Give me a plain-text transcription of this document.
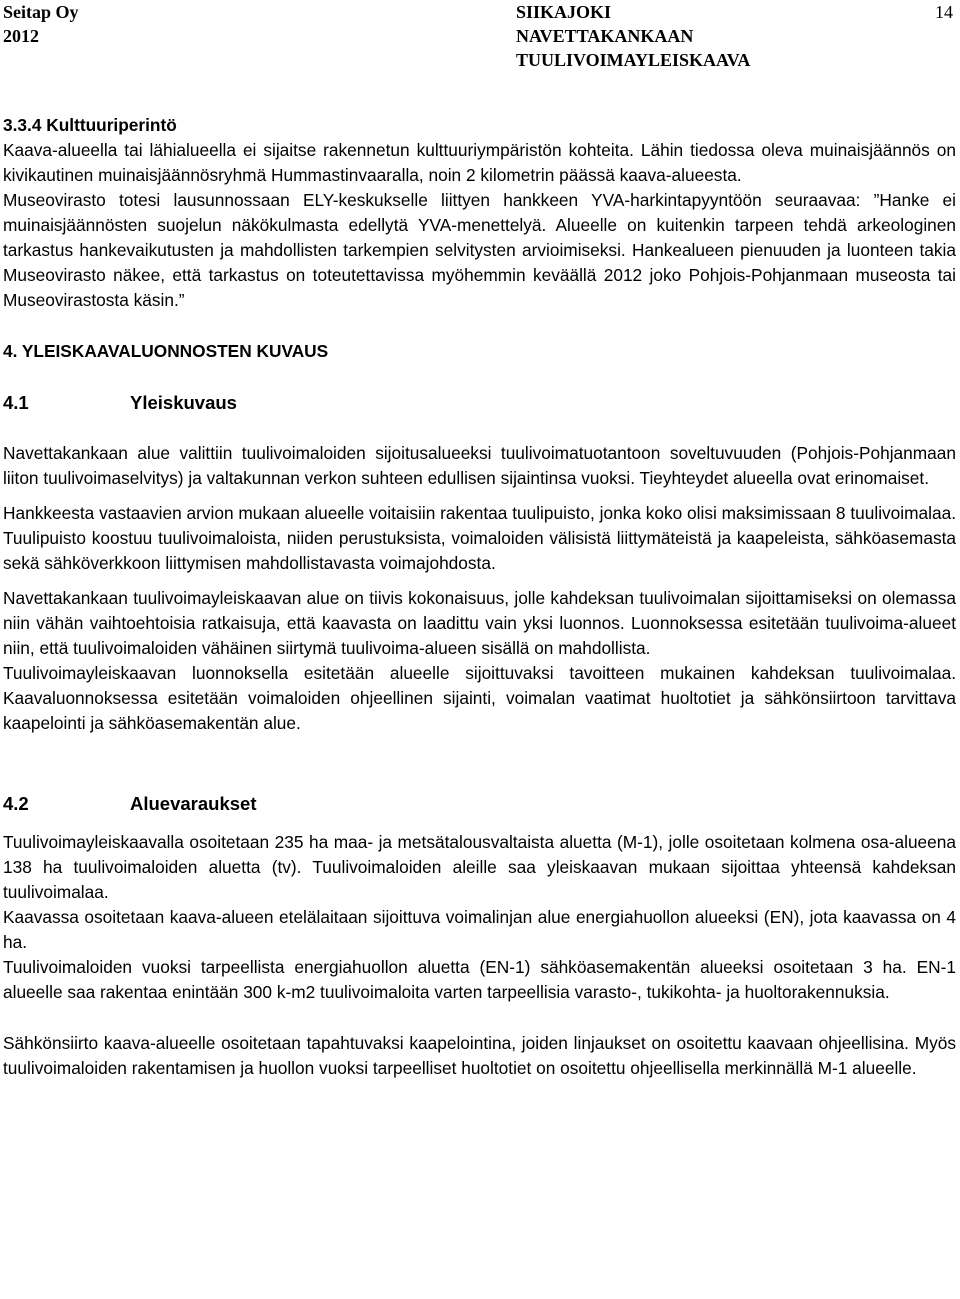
Seitap Oy
2012
SIIKAJOKI
NAVETTAKANKAAN
TUULIVOIMAYLEISKAAVA
14
3.3.4 Kulttuuriperintö

Kaava-alueella tai lähialueella ei sijaitse rakennetun kulttuuriympäristön kohteita. Lähin tiedossa oleva muinaisjäännös on kivikautinen muinaisjäännösryhmä Hummastinvaaralla, noin 2 kilometrin päässä kaava-alueesta.

Museovirasto totesi lausunnossaan ELY-keskukselle liittyen hankkeen YVA-harkintapyyntöön seuraavaa: ”Hanke ei muinaisjäännösten suojelun näkökulmasta edellytä YVA-menettelyä. Alueelle on kuitenkin tarpeen tehdä arkeologinen tarkastus hankevaikutusten ja mahdollisten tarkempien selvitysten arvioimiseksi. Hankealueen pienuuden ja luonteen takia Museovirasto näkee, että tarkastus on toteutettavissa myöhemmin keväällä 2012 joko Pohjois-Pohjanmaan museosta tai Museovirastosta käsin.”

4. YLEISKAAVALUONNOSTEN KUVAUS
4.1	Yleiskuvaus

Navettakankaan alue valittiin tuulivoimaloiden sijoitusalueeksi tuulivoimatuotantoon soveltuvuuden (Pohjois-Pohjanmaan liiton tuulivoimaselvitys) ja valtakunnan verkon suhteen edullisen sijaintinsa vuoksi. Tieyhteydet alueella ovat erinomaiset.

Hankkeesta vastaavien arvion mukaan alueelle voitaisiin rakentaa tuulipuisto, jonka koko olisi maksimissaan 8 tuulivoimalaa. Tuulipuisto koostuu tuulivoimaloista, niiden perustuksista, voimaloiden välisistä liittymäteistä ja kaapeleista, sähköasemasta sekä sähköverkkoon liittymisen mahdollistavasta voimajohdosta.

Navettakankaan tuulivoimayleiskaavan alue on tiivis kokonaisuus, jolle kahdeksan tuulivoimalan sijoittamiseksi on olemassa niin vähän vaihtoehtoisia ratkaisuja, että kaavasta on laadittu vain yksi luonnos. Luonnoksessa esitetään tuulivoima-alueet niin, että tuulivoimaloiden vähäinen siirtymä tuulivoima-alueen sisällä on mahdollista.

Tuulivoimayleiskaavan luonnoksella esitetään alueelle sijoittuvaksi tavoitteen mukainen kahdeksan tuulivoimalaa. Kaavaluonnoksessa esitetään voimaloiden ohjeellinen sijainti, voimalan vaatimat huoltotiet ja sähkönsiirtoon tarvittava kaapelointi ja sähköasemakentän alue.

4.2	Aluevaraukset

Tuulivoimayleiskaavalla osoitetaan 235 ha maa- ja metsätalousvaltaista aluetta (M-1), jolle osoitetaan kolmena osa-alueena 138 ha tuulivoimaloiden aluetta (tv). Tuulivoimaloiden aleille saa yleiskaavan mukaan sijoittaa yhteensä kahdeksan tuulivoimalaa.

Kaavassa osoitetaan kaava-alueen etelälaitaan sijoittuva voimalinjan alue energiahuollon alueeksi (EN), jota kaavassa on 4 ha.

Tuulivoimaloiden vuoksi tarpeellista energiahuollon aluetta (EN-1) sähköasemakentän alueeksi osoitetaan 3 ha. EN-1 alueelle saa rakentaa enintään 300 k-m2 tuulivoimaloita varten tarpeellisia varasto-, tukikohta- ja huoltorakennuksia.

Sähkönsiirto kaava-alueelle osoitetaan tapahtuvaksi kaapelointina, joiden linjaukset on osoitettu kaavaan ohjeellisina. Myös tuulivoimaloiden rakentamisen ja huollon vuoksi tarpeelliset huoltotiet on osoitettu ohjeellisella merkinnällä M-1 alueelle.
